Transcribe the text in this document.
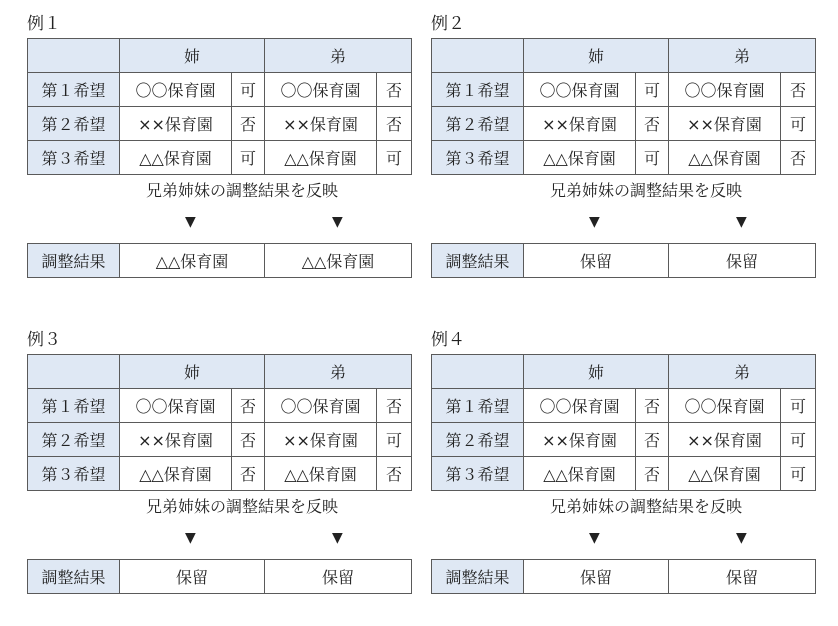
例１
	姉		弟	
第１希望	〇〇保育園	可	〇〇保育園	否
第２希望	××保育園	否	××保育園	否
第３希望	△△保育園	可	△△保育園	可
兄弟姉妹の調整結果を反映
▼	▼
調整結果	△△保育園	△△保育園
例２
	姉		弟	
第１希望	〇〇保育園	可	〇〇保育園	否
第２希望	××保育園	否	××保育園	可
第３希望	△△保育園	可	△△保育園	否
兄弟姉妹の調整結果を反映
▼	▼
調整結果	保留	保留
例３
	姉		弟	
第１希望	〇〇保育園	否	〇〇保育園	否
第２希望	××保育園	否	××保育園	可
第３希望	△△保育園	否	△△保育園	否
兄弟姉妹の調整結果を反映
▼	▼
調整結果	保留	保留
例４
	姉		弟	
第１希望	〇〇保育園	否	〇〇保育園	可
第２希望	××保育園	否	××保育園	可
第３希望	△△保育園	否	△△保育園	可
兄弟姉妹の調整結果を反映
▼	▼
調整結果	保留	保留
